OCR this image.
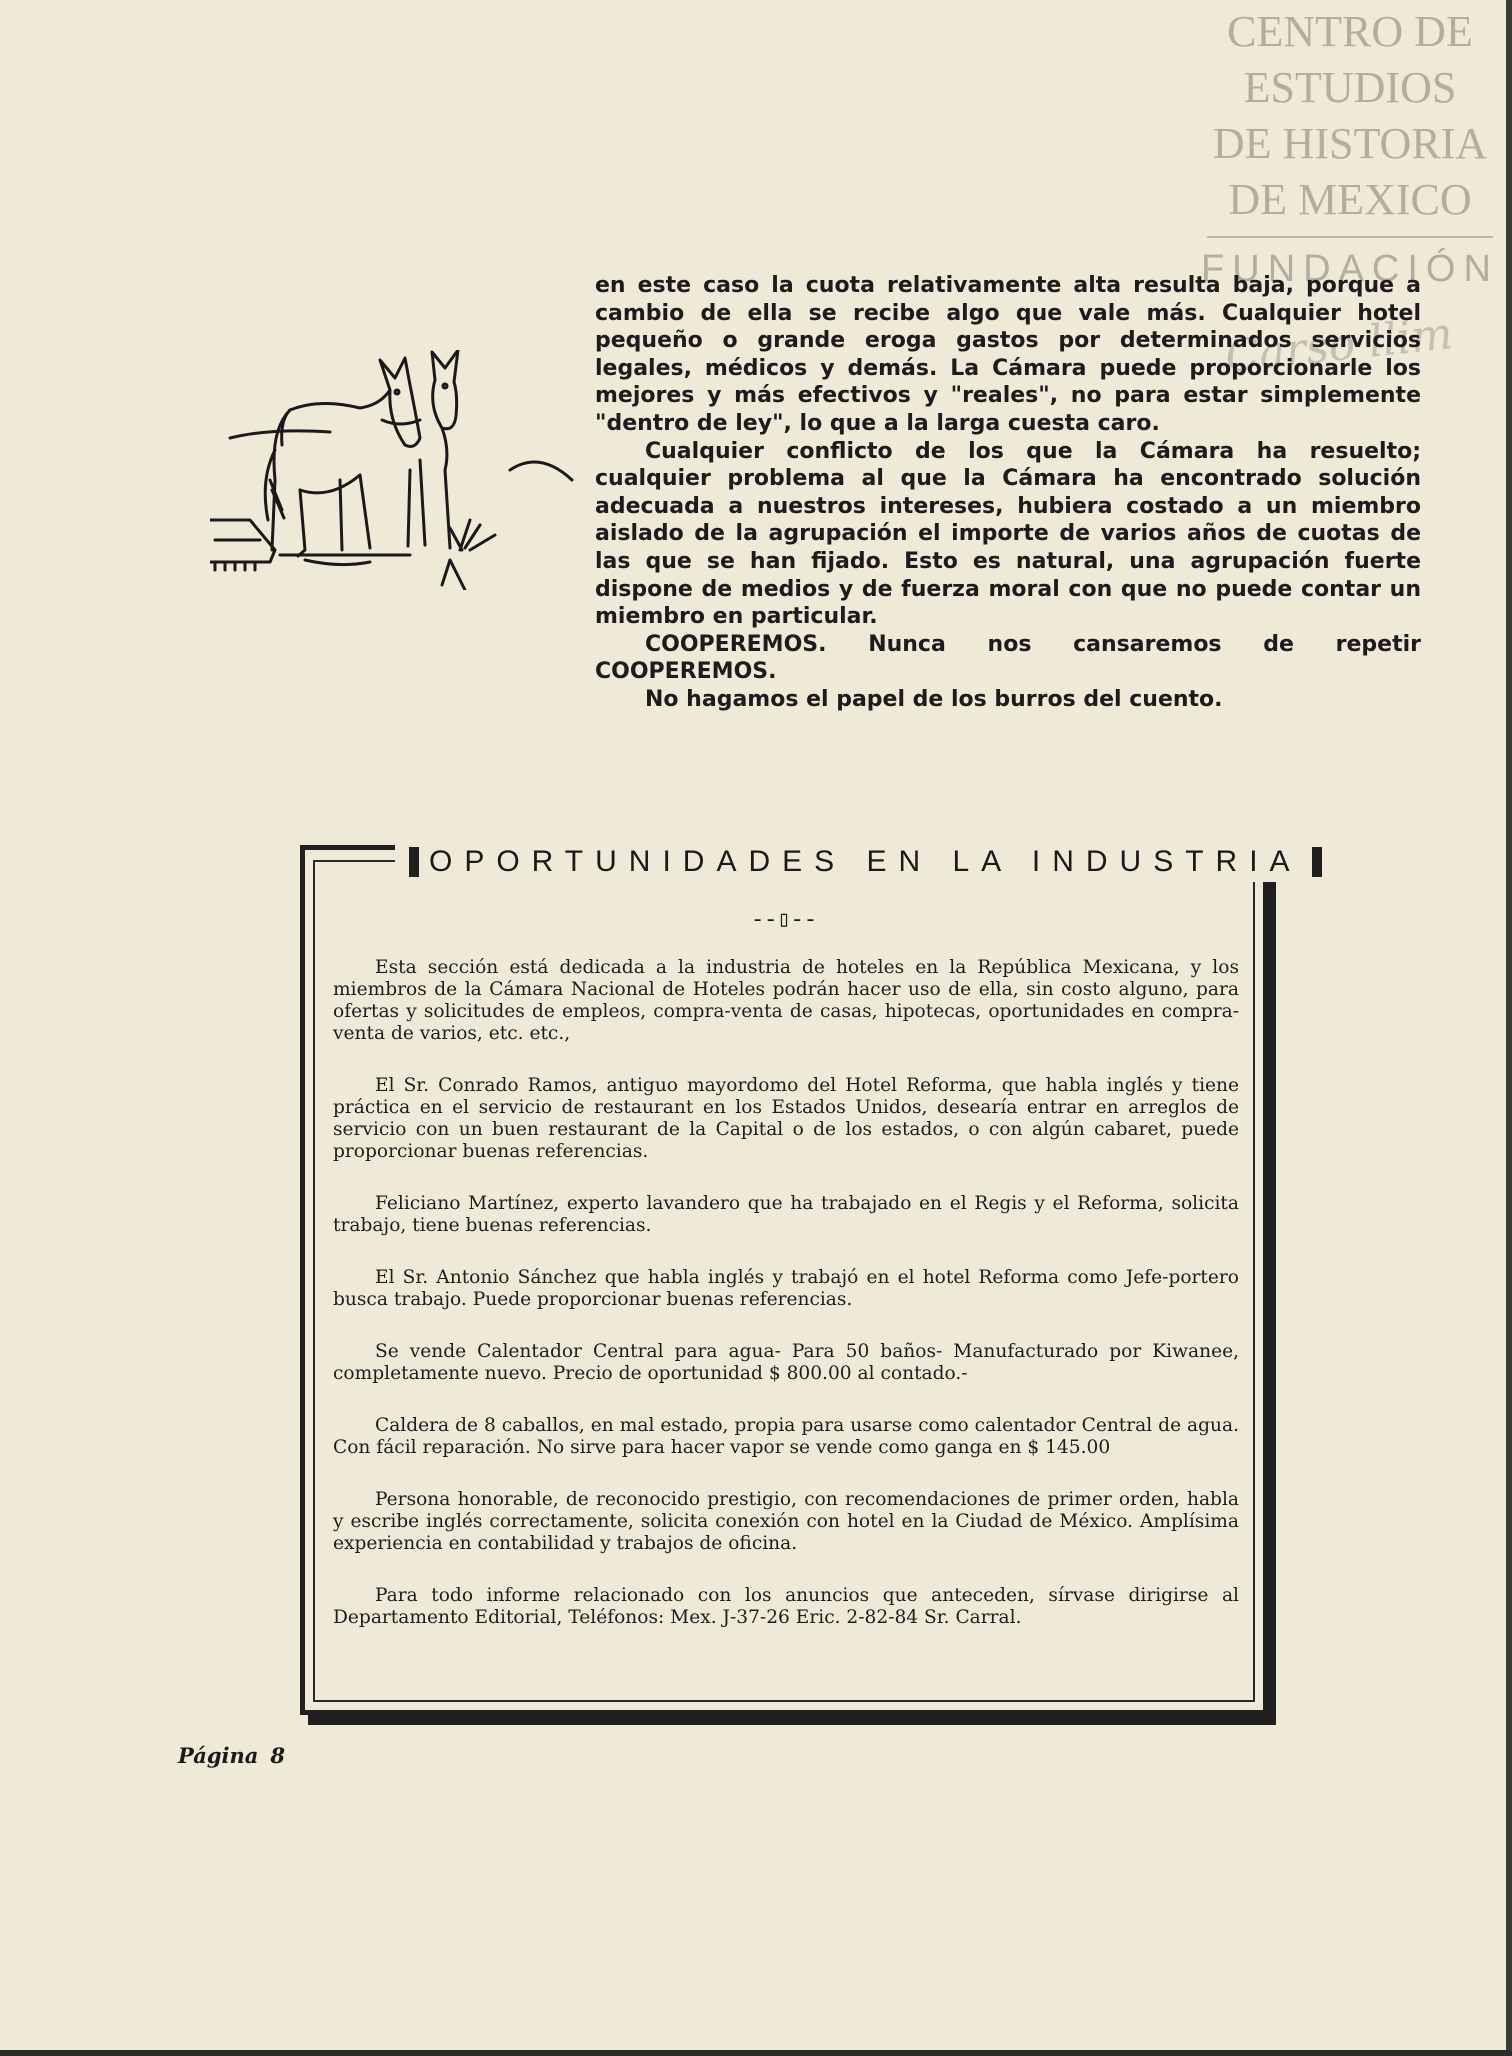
CENTRO DE
ESTUDIOS
DE HISTORIA
DE MEXICO
FUNDACIÓN
Carso llim

en este caso la cuota relativamente alta resulta baja, porque a cambio de ella se recibe algo que vale más. Cualquier hotel pequeño o grande eroga gastos por determinados servicios legales, médicos y demás. La Cámara puede proporcionarle los mejores y más efectivos y "reales", no para estar simplemente "dentro de ley", lo que a la larga cuesta caro.

Cualquier conflicto de los que la Cámara ha resuelto; cualquier problema al que la Cámara ha encontrado solución adecuada a nuestros intereses, hubiera costado a un miembro aislado de la agrupación el importe de varios años de cuotas de las que se han fijado. Esto es natural, una agrupación fuerte dispone de medios y de fuerza moral con que no puede contar un miembro en particular.

COOPEREMOS. Nunca nos cansaremos de repetir COOPEREMOS.

No hagamos el papel de los burros del cuento.

OPORTUNIDADES EN LA INDUSTRIA
--▯--

Esta sección está dedicada a la industria de hoteles en la República Mexicana, y los miembros de la Cámara Nacional de Hoteles podrán hacer uso de ella, sin costo alguno, para ofertas y solicitudes de empleos, compra-venta de casas, hipotecas, oportunidades en compra-venta de varios, etc. etc.,

El Sr. Conrado Ramos, antiguo mayordomo del Hotel Reforma, que habla inglés y tiene práctica en el servicio de restaurant en los Estados Unidos, desearía entrar en arreglos de servicio con un buen restaurant de la Capital o de los estados, o con algún cabaret, puede proporcionar buenas referencias.

Feliciano Martínez, experto lavandero que ha trabajado en el Regis y el Reforma, solicita trabajo, tiene buenas referencias.

El Sr. Antonio Sánchez que habla inglés y trabajó en el hotel Reforma como Jefe-portero busca trabajo. Puede proporcionar buenas referencias.

Se vende Calentador Central para agua- Para 50 baños- Manufacturado por Kiwanee, completamente nuevo. Precio de oportunidad $ 800.00 al contado.-

Caldera de 8 caballos, en mal estado, propia para usarse como calentador Central de agua. Con fácil reparación. No sirve para hacer vapor se vende como ganga en $ 145.00

Persona honorable, de reconocido prestigio, con recomendaciones de primer orden, habla y escribe inglés correctamente, solicita conexión con hotel en la Ciudad de México. Amplísima experiencia en contabilidad y trabajos de oficina.

Para todo informe relacionado con los anuncios que anteceden, sírvase dirigirse al Departamento Editorial, Teléfonos: Mex. J-37-26 Eric. 2-82-84 Sr. Carral.

Página 8
